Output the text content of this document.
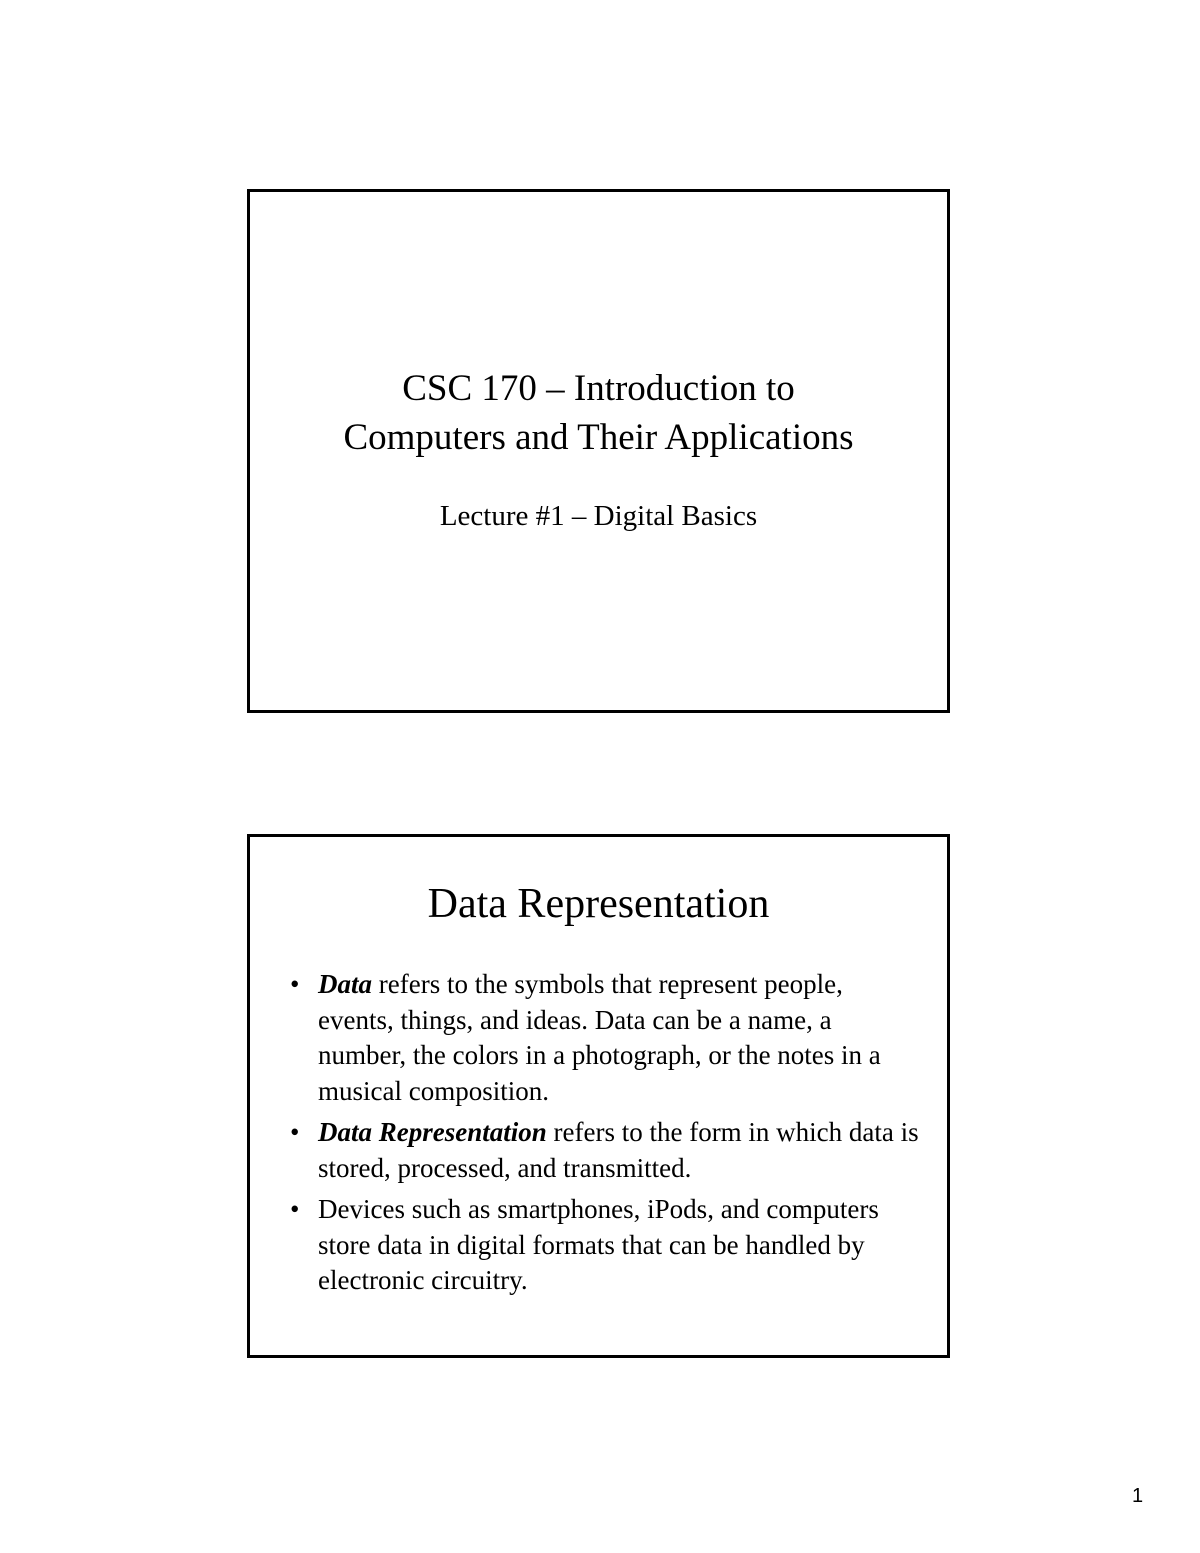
CSC 170 – Introduction to
Computers and Their Applications
Lecture #1 – Digital Basics
Data Representation
• Data refers to the symbols that represent people, events, things, and ideas. Data can be a name, a number, the colors in a photograph, or the notes in a musical composition.
• Data Representation refers to the form in which data is stored, processed, and transmitted.
• Devices such as smartphones, iPods, and computers store data in digital formats that can be handled by electronic circuitry.
1
